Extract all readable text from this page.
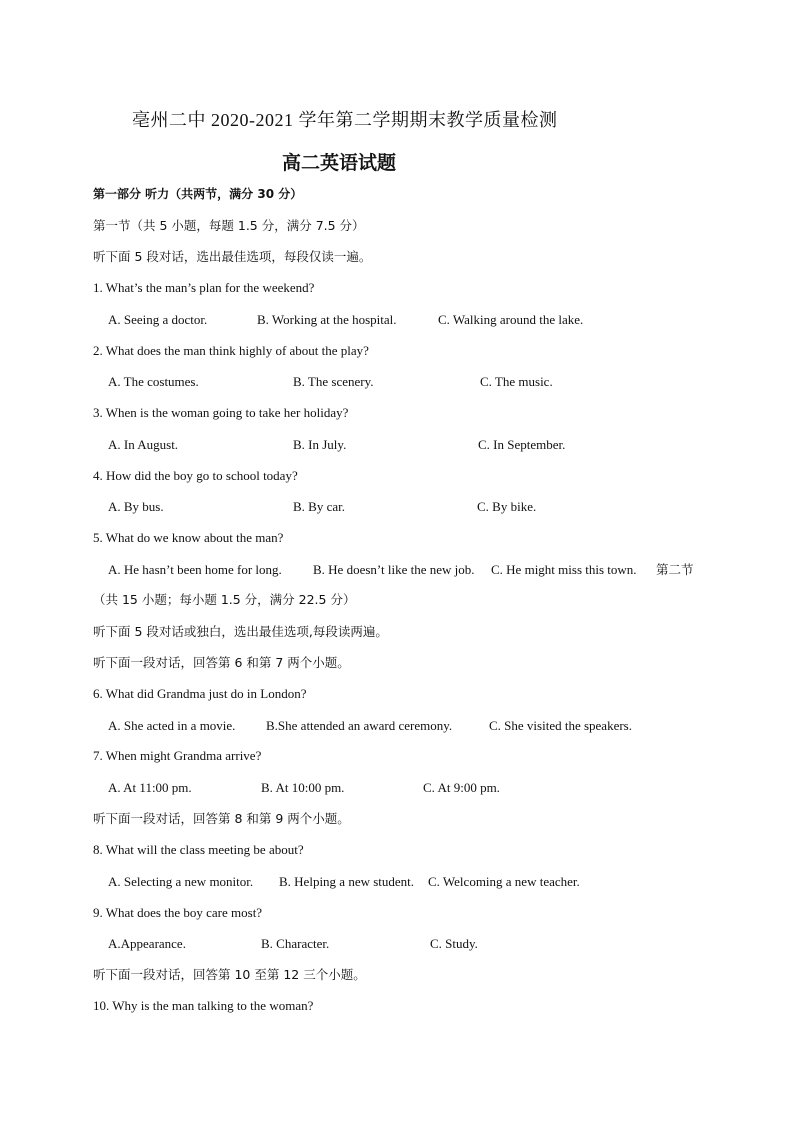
亳州二中 2020-2021 学年第二学期期末教学质量检测
高二英语试题
第一部分 听力（共两节，满分 30 分）
第一节（共 5 小题，每题 1.5 分，满分 7.5 分）
听下面 5 段对话，选出最佳选项，每段仅读一遍。
1. What’s the man’s plan for the weekend?
A. Seeing a doctor.	B. Working at the hospital.	C. Walking around the lake.
2. What does the man think highly of about the play?
A. The costumes.	B. The scenery.	C. The music.
3. When is the woman going to take her holiday?
A. In August.	B. In July.	C. In September.
4. How did the boy go to school today?
A. By bus.	B. By car.	C. By bike.
5. What do we know about the man?
A. He hasn’t been home for long. B. He doesn’t like the new job. C. He might miss this town. 第二节
（共 15 小题；每小题 1.5 分，满分 22.5 分）
听下面 5 段对话或独白，选出最佳选项,每段读两遍。
听下面一段对话，回答第 6 和第 7 两个小题。
6. What did Grandma just do in London?
A. She acted in a movie. B.She attended an award ceremony.	C. She visited the speakers.
7. When might Grandma arrive?
A. At 11:00 pm.	B. At 10:00 pm.	C. At 9:00 pm.
听下面一段对话，回答第 8 和第 9 两个小题。
8. What will the class meeting be about?
A. Selecting a new monitor. B. Helping a new student. C. Welcoming a new teacher.
9. What does the boy care most?
A.Appearance.	B. Character.	C. Study.
听下面一段对话，回答第 10 至第 12 三个小题。
10. Why is the man talking to the woman?
